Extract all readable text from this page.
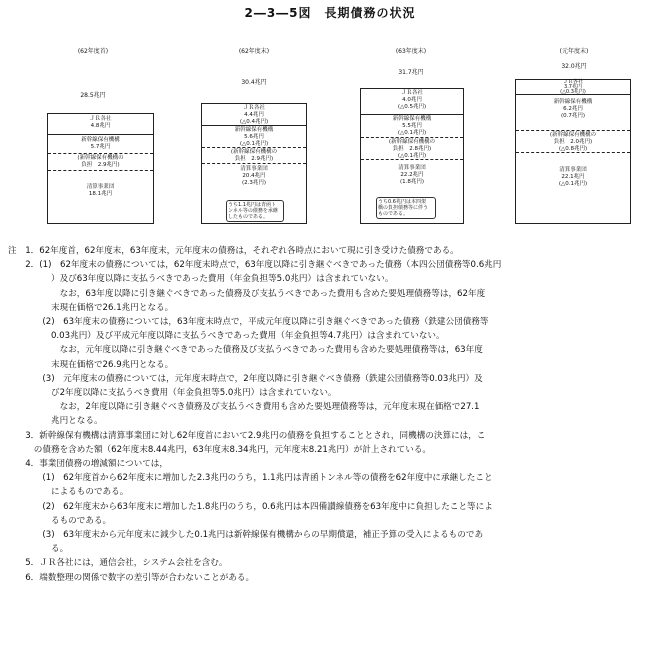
2―3―5図　長期債務の状況
(62年度首)
28.5兆円
ＪＲ各社
4.8兆円
新幹線保有機構
5.7兆円
(新幹線保有機構の
負担　2.9兆円)
清算事業団
18.1兆円
(62年度末)
30.4兆円
ＪＲ各社
4.4兆円
(△0.4兆円)
新幹線保有機構
5.6兆円
(△0.1兆円)
(新幹線保有機構の
負担　2.9兆円)
清算事業団
20.4兆円
(2.3兆円)
うち1.1兆円は青函ト
ンネル等の債務を承継
したものである。
(63年度末)
31.7兆円
ＪＲ各社
4.0兆円
(△0.5兆円)
新幹線保有機構
5.5兆円
(△0.1兆円)
(新幹線保有機構の
負担　2.8兆円)
(△0.1兆円)
清算事業団
22.2兆円
(1.8兆円)
うち0.6兆円は本四架
橋の負担債務等に伴う
ものである。
(元年度末)
32.0兆円
ＪＲ各社
3.7兆円
(△0.3兆円)
新幹線保有機構
6.2兆円
(0.7兆円)
(新幹線保有機構の
負担　2.0兆円)
(△0.8兆円)
清算事業団
22.1兆円
(△0.1兆円)
注　1．62年度首，62年度末，63年度末，元年度末の債務は，それぞれ各時点において現に引き受けた債務である。
　　2．(1)　62年度末の債務については，62年度末時点で，63年度以降に引き継ぐべきであった債務（本四公団債務等0.6兆円
　　　　　）及び63年度以降に支払うべきであった費用（年金負担等5.0兆円）は含まれていない。
　　　　　　なお，63年度以降に引き継ぐべきであった債務及び支払うべきであった費用も含めた要処理債務等は，62年度
　　　　　末現在価格で26.1兆円となる。
　　　　(2)　63年度末の債務については，63年度末時点で，平成元年度以降に引き継ぐべきであった債務（鉄建公団債務等
　　　　　0.03兆円）及び平成元年度以降に支払うべきであった費用（年金負担等4.7兆円）は含まれていない。
　　　　　　なお，元年度以降に引き継ぐべきであった債務及び支払うべきであった費用も含めた要処理債務等は，63年度
　　　　　末現在価格で26.9兆円となる。
　　　　(3)　元年度末の債務については，元年度末時点で，2年度以降に引き継ぐべき債務（鉄建公団債務等0.03兆円）及
　　　　　び2年度以降に支払うべき費用（年金負担等5.0兆円）は含まれていない。
　　　　　　なお，2年度以降に引き継ぐべき債務及び支払うべき費用も含めた要処理債務等は，元年度末現在価格で27.1
　　　　　兆円となる。
　　3．新幹線保有機構は清算事業団に対し62年度首において2.9兆円の債務を負担することとされ，同機構の決算には，こ
　　　の債務を含めた額（62年度末8.44兆円，63年度末8.34兆円，元年度末8.21兆円）が計上されている。
　　4．事業団債務の増減額については，
　　　　(1)　62年度首から62年度末に増加した2.3兆円のうち，1.1兆円は青函トンネル等の債務を62年度中に承継したこと
　　　　　によるものである。
　　　　(2)　62年度末から63年度末に増加した1.8兆円のうち，0.6兆円は本四備讃線債務を63年度中に負担したこと等によ
　　　　　るものである。
　　　　(3)　63年度末から元年度末に減少した0.1兆円は新幹線保有機構からの早期償還，補正予算の受入によるものであ
　　　　　る。
　　5．ＪＲ各社には，通信会社，システム会社を含む。
　　6．端数整理の関係で数字の差引等が合わないことがある。
